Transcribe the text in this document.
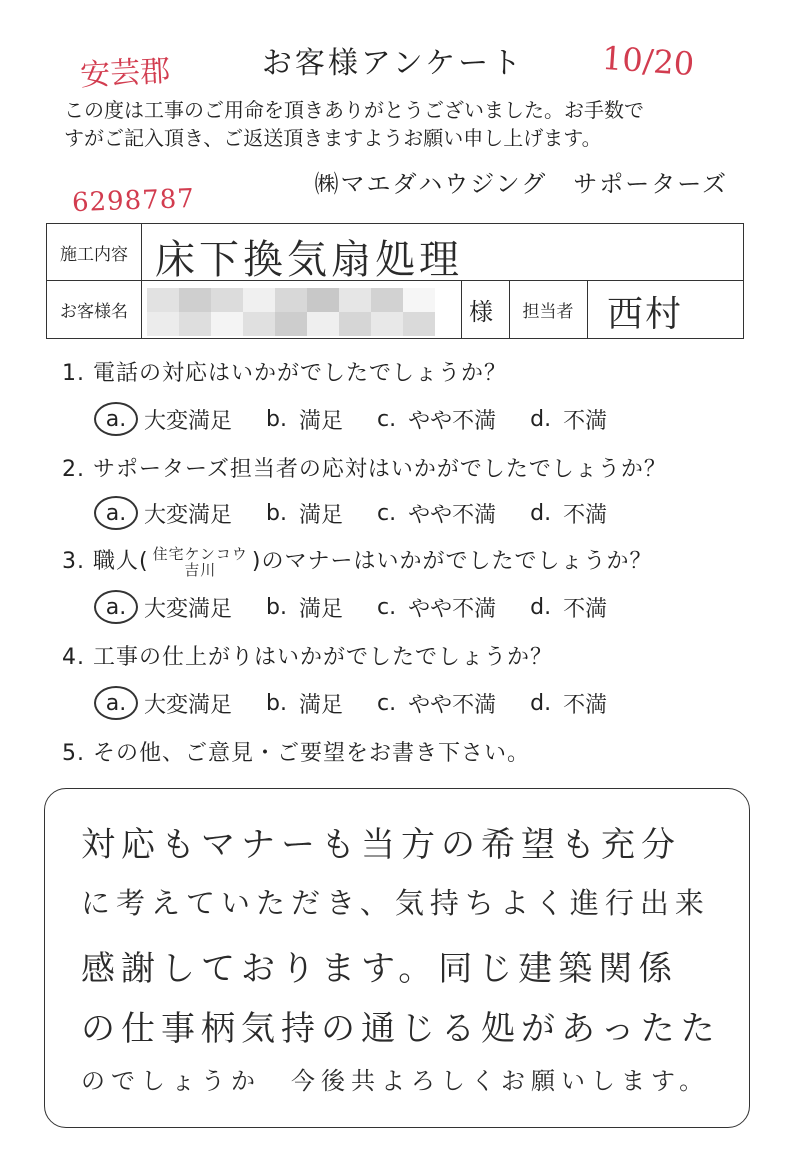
安芸郡	お客様アンケート	10/20
この度は工事のご用命を頂きありがとうございました。お手数で
すがご記入頂き、ご返送頂きますようお願い申し上げます。
6298787	㈱マエダハウジング　サポーターズ
施工内容 床下換気扇処理
お客様名	様	担当者 西村
1. 電話の対応はいかがでしたでしょうか？
a. 大変満足 b. 満足 c. やや不満 d. 不満
2. サポーターズ担当者の応対はいかがでしたでしょうか？
a. 大変満足 b. 満足 c. やや不満 d. 不満
3. 職人( 住宅ケンコウ
吉川 )のマナーはいかがでしたでしょうか？
a. 大変満足 b. 満足 c. やや不満 d. 不満
4. 工事の仕上がりはいかがでしたでしょうか？
a. 大変満足 b. 満足 c. やや不満 d. 不満
5. その他、ご意見・ご要望をお書き下さい。
対応もマナーも当方の希望も充分
に考えていただき、気持ちよく進行出来
感謝しております。同じ建築関係
の仕事柄気持の通じる処があったた
のでしょうか　今後共よろしくお願いします。
